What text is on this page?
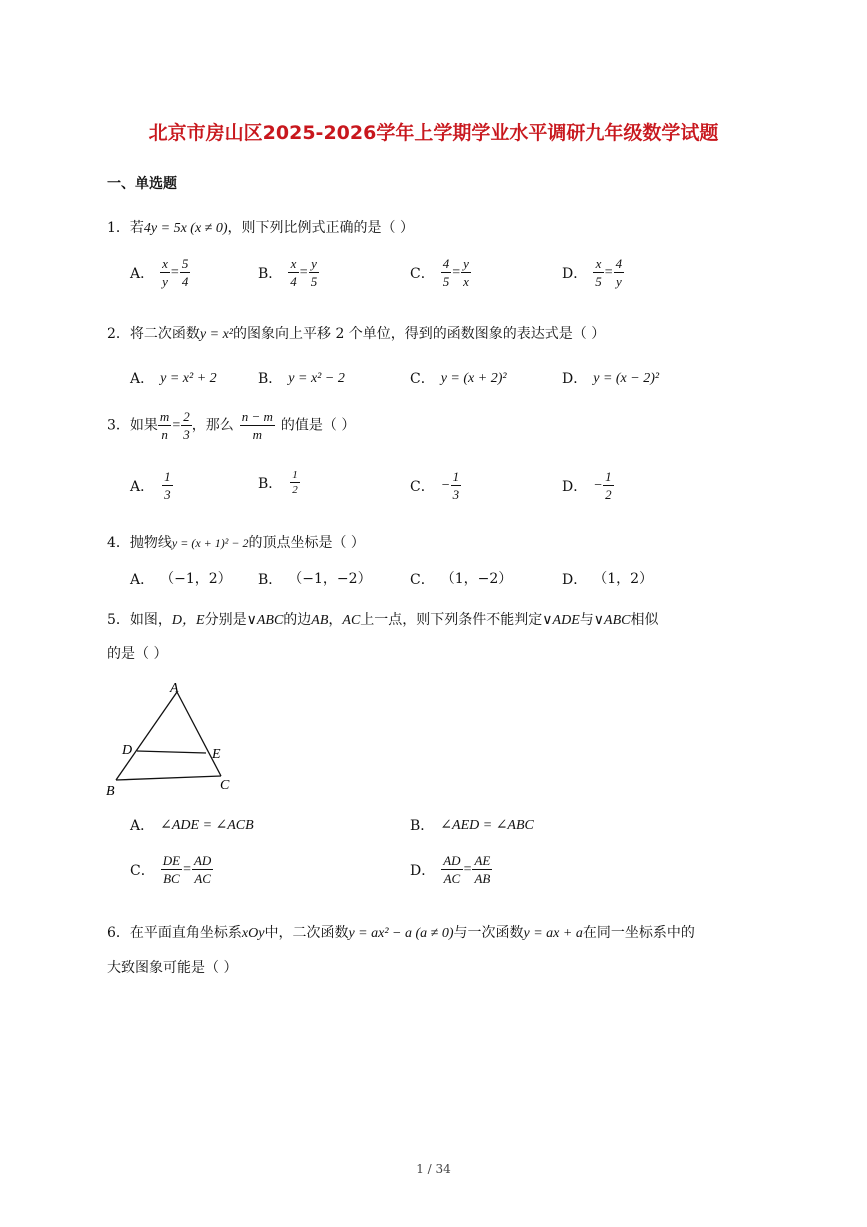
北京市房山区2025-2026学年上学期学业水平调研九年级数学试题
一、单选题
1．若4y = 5x (x ≠ 0)，则下列比例式正确的是（ ）
A． $\frac{x}{y} = \frac{5}{4}$	B． $\frac{x}{4} = \frac{y}{5}$	C． $\frac{4}{5} = \frac{y}{x}$	D． $\frac{x}{5} = \frac{4}{y}$
2．将二次函数y = x²的图象向上平移 2 个单位，得到的函数图象的表达式是（ ）
A． y = x² + 2	B． y = x² − 2	C． y = (x + 2)²	D． y = (x − 2)²
3．如果 $\frac{m}{n} = \frac{2}{3}$ ，那么 $\frac{n - m}{m}$ 的值是（ ）
A． $\frac{1}{3}$	B． $\frac{1}{2}$	C． − $\frac{1}{3}$	D． − $\frac{1}{2}$
4．抛物线y = (x + 1)² − 2的顶点坐标是（ ）
A． （−1，2） B． （−1，−2）	C． （1，−2）	D． （1，2）
5．如图，D，E分别是∨ABC的边AB，AC上一点，则下列条件不能判定∨ADE与∨ABC相似
的是（ ）
A
B	C
D	E
A． ∠ADE = ∠ACB	B． ∠AED = ∠ABC
C． $\frac{DE}{BC} = \frac{AD}{AC}$	D． $\frac{AD}{AC} = \frac{AE}{AB}$
6．在平面直角坐标系xOy中，二次函数y = ax² − a (a ≠ 0)与一次函数y = ax + a在同一坐标系中的
大致图象可能是（ ）
1 / 34
